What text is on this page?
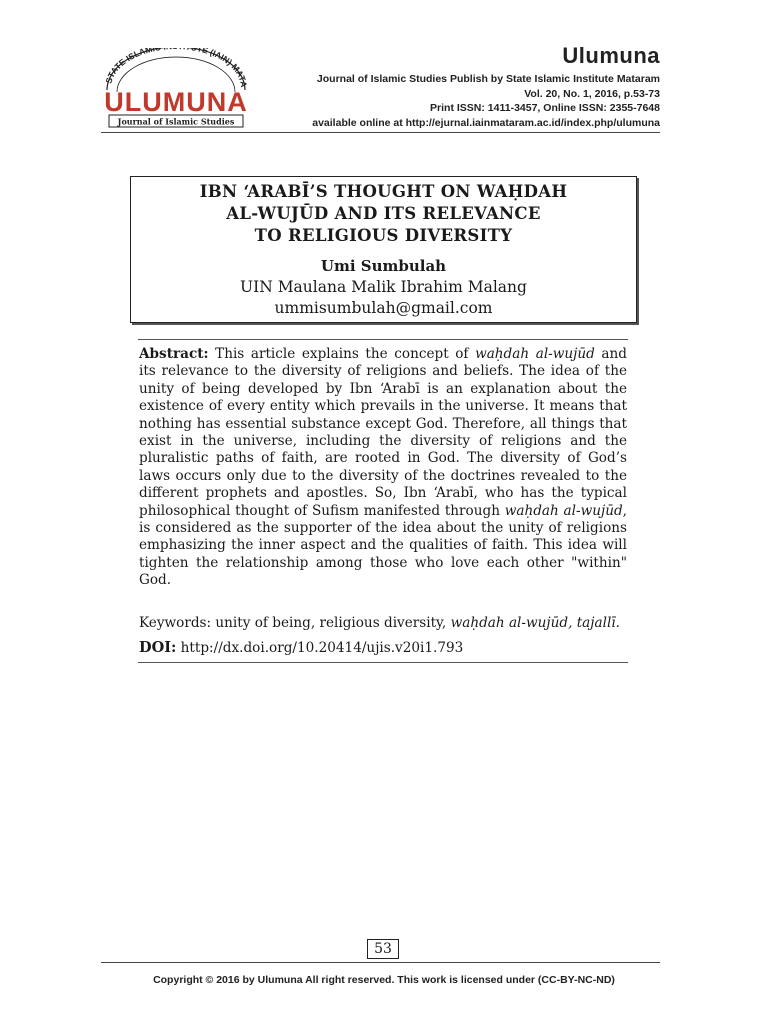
STATE ISLAMI TE (IAIN) MATA
ULUMUNA
Journal of Islamic Studies
Ulumuna
Journal of Islamic Studies Publish by State Islamic Institute Mataram
Vol. 20, No. 1, 2016, p.53-73
Print ISSN: 1411-3457, Online ISSN: 2355-7648
available online at http://ejurnal.iainmataram.ac.id/index.php/ulumuna
IBN ‘ARABĪ’S THOUGHT ON WAḤDAH
AL-WUJŪD AND ITS RELEVANCE
TO RELIGIOUS DIVERSITY
Umi Sumbulah
UIN Maulana Malik Ibrahim Malang
ummisumbulah@gmail.com
Abstract: This article explains the concept of waḥdah al-wujūd and its relevance to the diversity of religions and beliefs. The idea of the unity of being developed by Ibn ‘Arabī is an explanation about the existence of every entity which prevails in the universe. It means that nothing has essential substance except God. Therefore, all things that exist in the universe, including the diversity of religions and the pluralistic paths of faith, are rooted in God. The diversity of God’s laws occurs only due to the diversity of the doctrines revealed to the different prophets and apostles. So, Ibn ‘Arabī, who has the typical philosophical thought of Sufism manifested through waḥdah al-wujūd, is considered as the supporter of the idea about the unity of religions emphasizing the inner aspect and the qualities of faith. This idea will tighten the relationship among those who love each other "within" God.
Keywords: unity of being, religious diversity, waḥdah al-wujūd, tajallī.
DOI: http://dx.doi.org/10.20414/ujis.v20i1.793
53
Copyright © 2016 by Ulumuna All right reserved. This work is licensed under (CC-BY-NC-ND)
